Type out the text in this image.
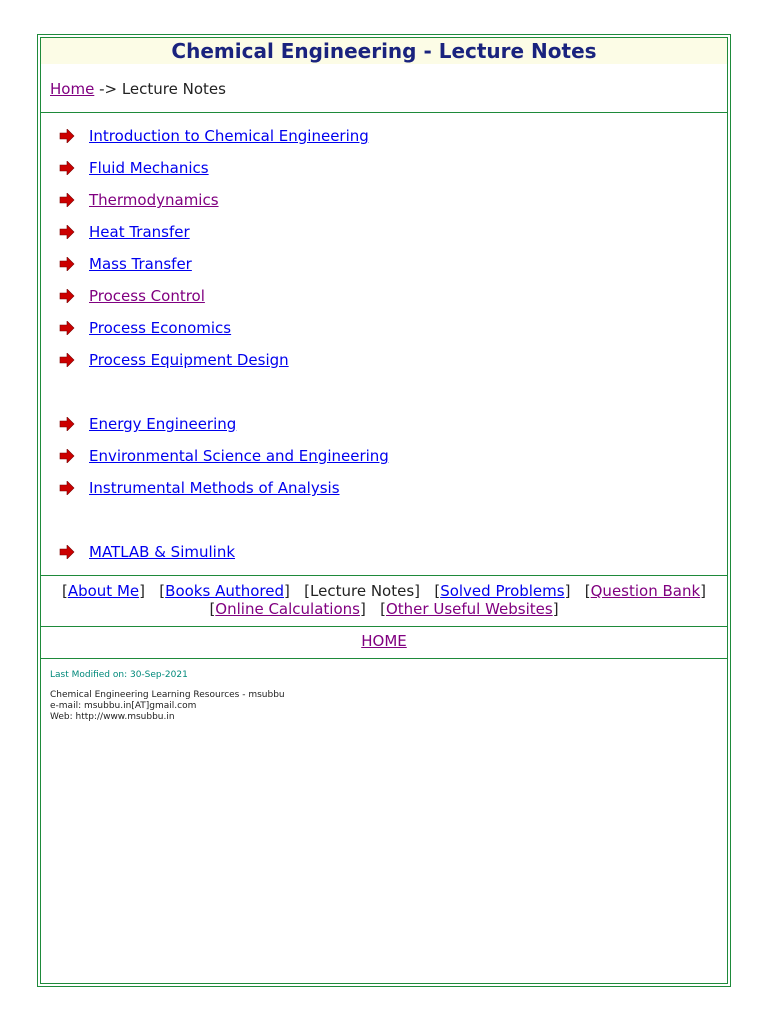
Chemical Engineering - Lecture Notes
Home -> Lecture Notes
Introduction to Chemical Engineering
Fluid Mechanics
Thermodynamics
Heat Transfer
Mass Transfer
Process Control
Process Economics
Process Equipment Design
Energy Engineering
Environmental Science and Engineering
Instrumental Methods of Analysis
MATLAB & Simulink
[About Me] [Books Authored] [Lecture Notes] [Solved Problems] [Question Bank]
[Online Calculations] [Other Useful Websites]
HOME
Last Modified on: 30-Sep-2021
Chemical Engineering Learning Resources - msubbu
e-mail: msubbu.in[AT]gmail.com
Web: http://www.msubbu.in
